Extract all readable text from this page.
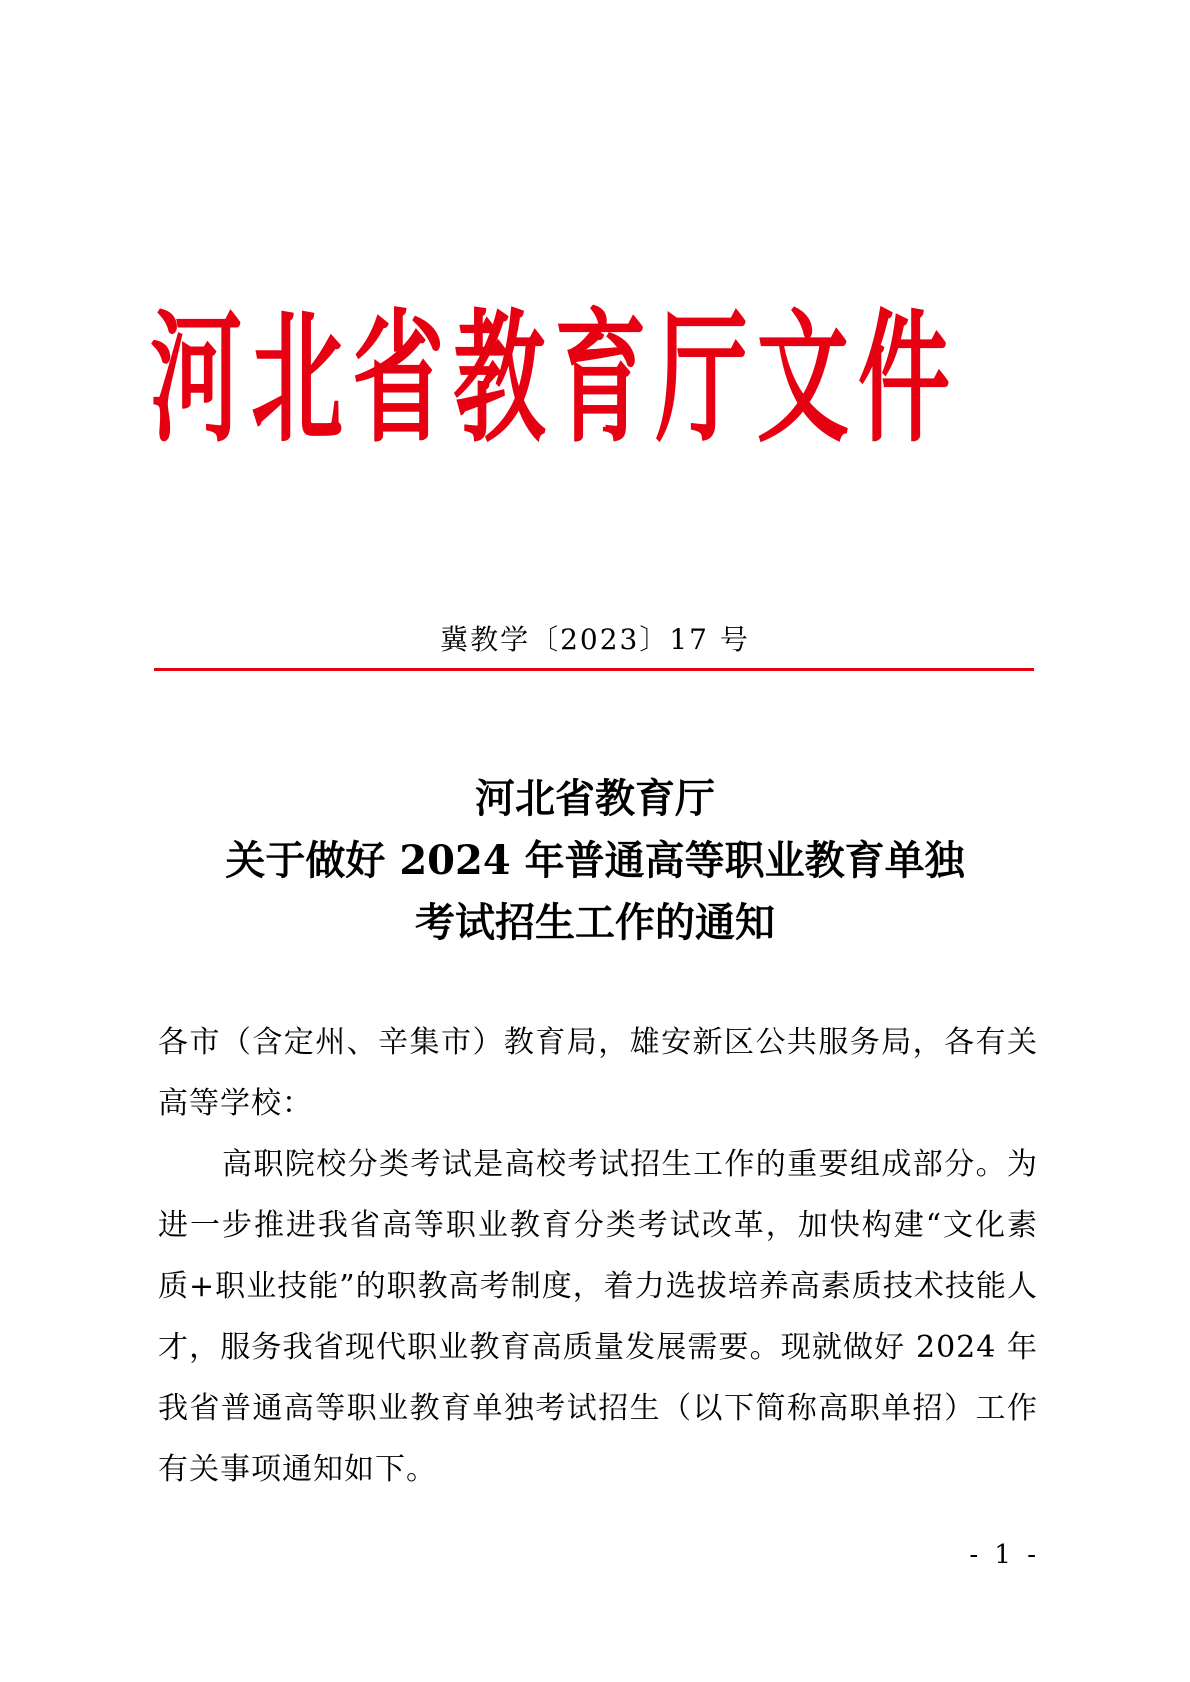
河 北 省 教 育 厅 文 件
冀教学〔2023〕17 号
河北省教育厅
关于做好 2024 年普通高等职业教育单独
考试招生工作的通知

各市（含定州、辛集市）教育局，雄安新区公共服务局，各有关高等学校：

高职院校分类考试是高校考试招生工作的重要组成部分。为进一步推进我省高等职业教育分类考试改革，加快构建“文化素质+职业技能”的职教高考制度，着力选拔培养高素质技术技能人才，服务我省现代职业教育高质量发展需要。现就做好 2024 年我省普通高等职业教育单独考试招生（以下简称高职单招）工作有关事项通知如下。

- 1 -
